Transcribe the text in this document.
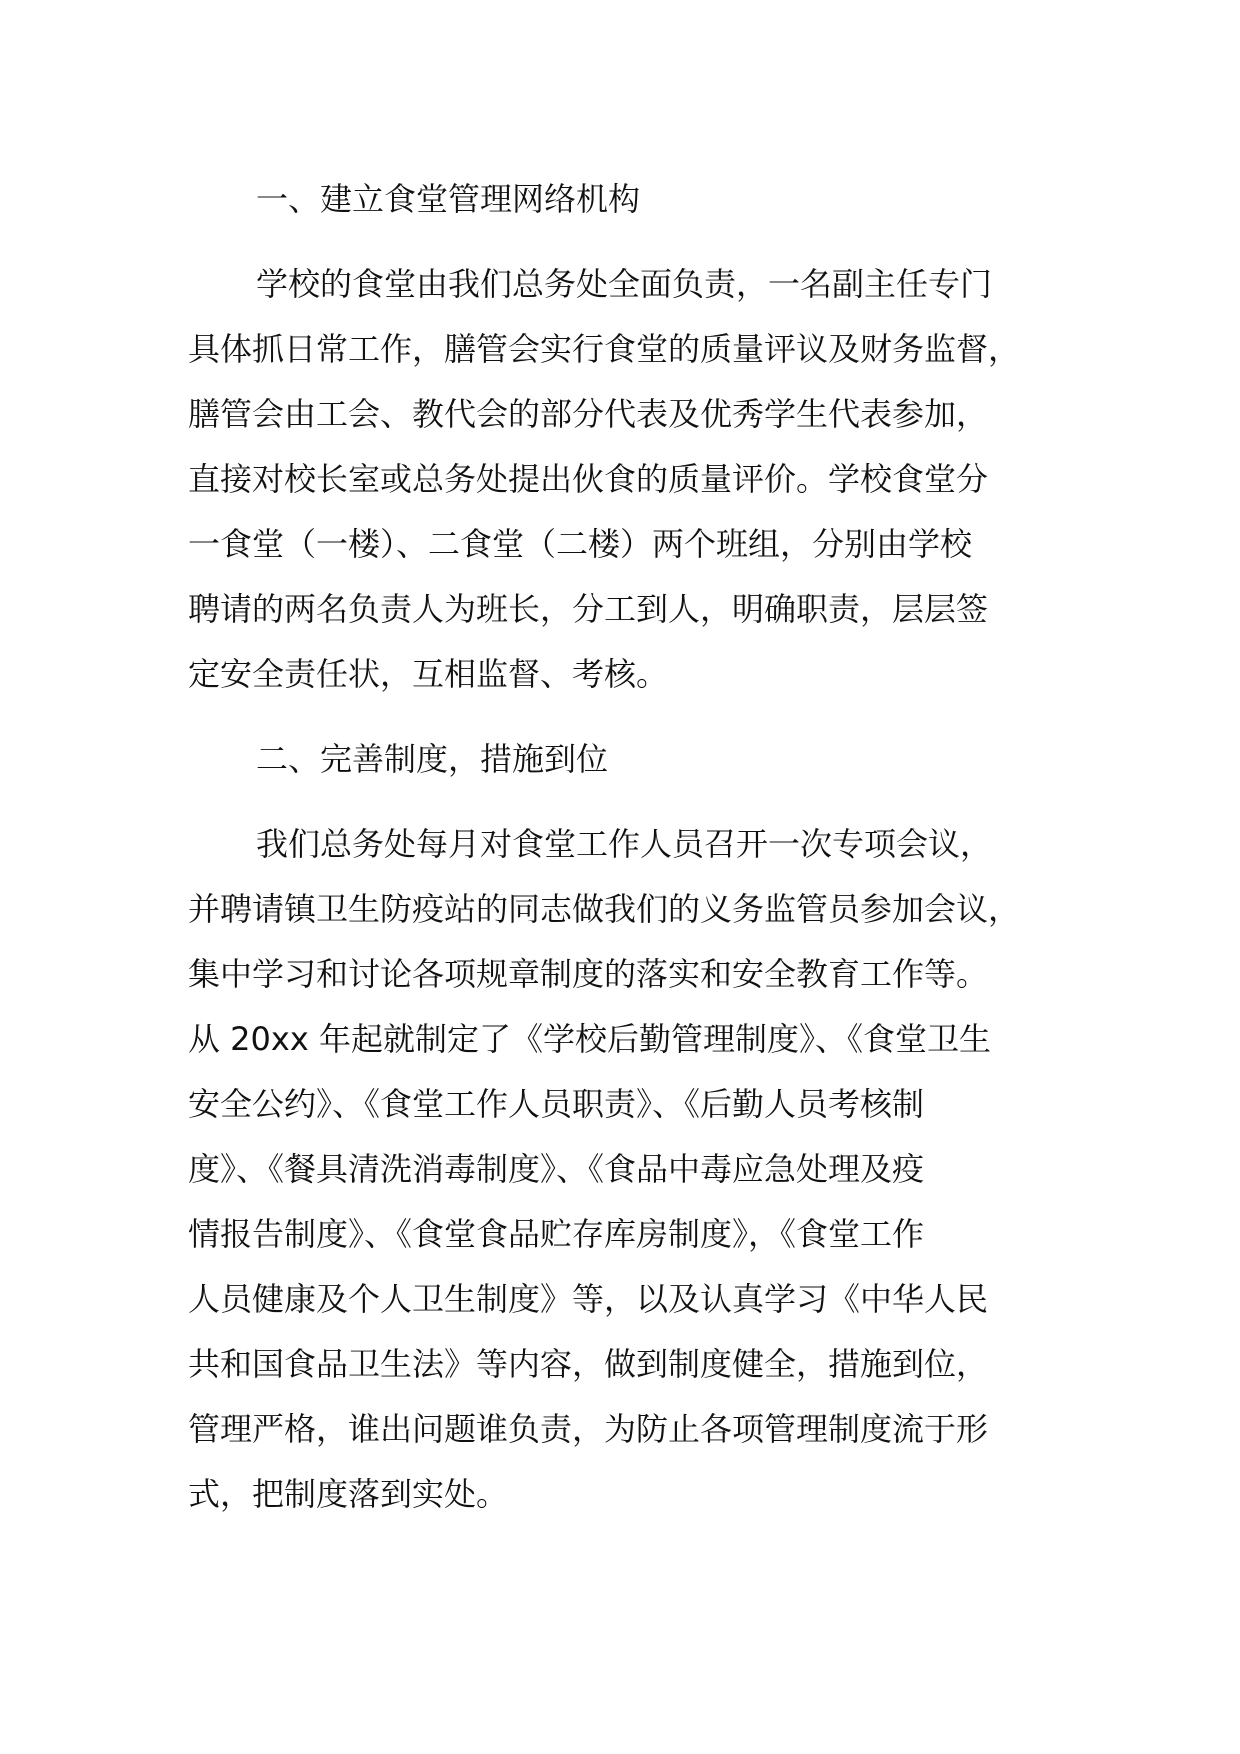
一、建立食堂管理网络机构

学校的食堂由我们总务处全面负责，一名副主任专门
具体抓日常工作，膳管会实行食堂的质量评议及财务监督，
膳管会由工会、教代会的部分代表及优秀学生代表参加，
直接对校长室或总务处提出伙食的质量评价。学校食堂分
一食堂（一楼）、二食堂（二楼）两个班组，分别由学校
聘请的两名负责人为班长，分工到人，明确职责，层层签
定安全责任状，互相监督、考核。

二、完善制度，措施到位

我们总务处每月对食堂工作人员召开一次专项会议，
并聘请镇卫生防疫站的同志做我们的义务监管员参加会议，
集中学习和讨论各项规章制度的落实和安全教育工作等。
从 20xx 年起就制定了《学校后勤管理制度》、《食堂卫生
安全公约》、《食堂工作人员职责》、《后勤人员考核制
度》、《餐具清洗消毒制度》、《食品中毒应急处理及疫
情报告制度》、《食堂食品贮存库房制度》，《食堂工作
人员健康及个人卫生制度》等，以及认真学习《中华人民
共和国食品卫生法》等内容，做到制度健全，措施到位，
管理严格，谁出问题谁负责，为防止各项管理制度流于形
式，把制度落到实处。
